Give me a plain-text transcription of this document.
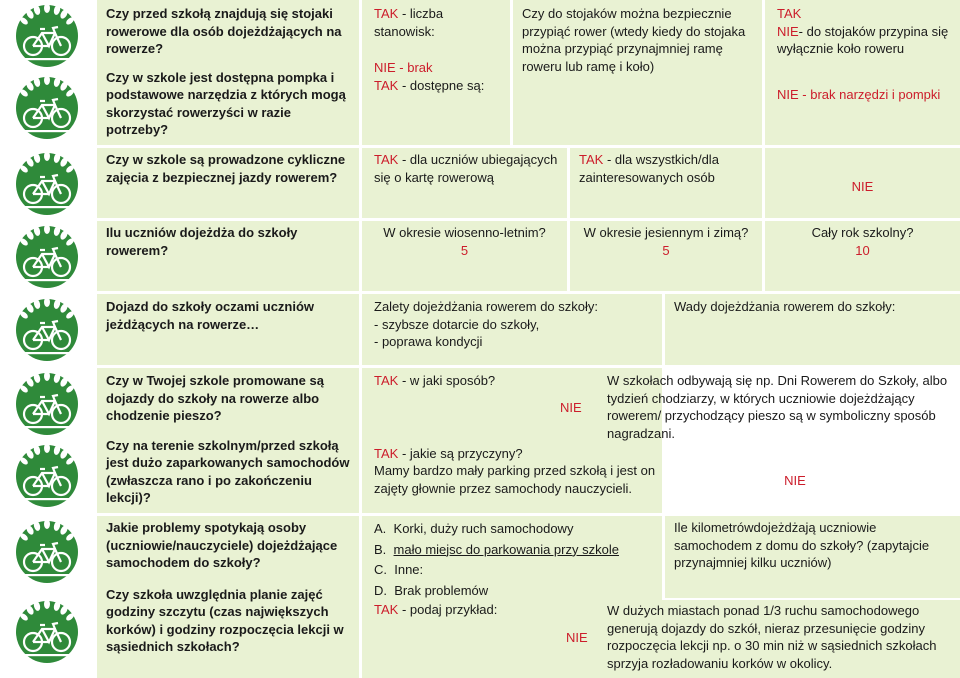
Czy przed szkołą znajdują się stojaki rowerowe dla osób dojeżdżających na rowerze?
Czy w szkole jest dostępna pompka i podstawowe narzędzia z których mogą skorzystać rowerzyści w razie potrzeby?
TAK - liczba stanowisk:
NIE - brak
TAK - dostępne są:
Czy do stojaków można bezpiecznie przypiąć rower (wtedy kiedy do stojaka można przypiąć przynajmniej ramę roweru lub ramę i koło)
TAK
NIE- do stojaków przypina się wyłącznie koło roweru
NIE - brak narzędzi i pompki
Czy w szkole są prowadzone cykliczne zajęcia z bezpiecznej jazdy rowerem?
TAK - dla uczniów ubiegających się o kartę rowerową
TAK - dla wszystkich/dla zainteresowanych osób
NIE
Ilu uczniów dojeżdża do szkoły rowerem?
W okresie wiosenno-letnim?
5
W okresie jesiennym i zimą?
5
Cały rok szkolny?
10
Dojazd do szkoły oczami uczniów jeżdżących na rowerze…
Zalety dojeżdżania rowerem do szkoły:
- szybsze dotarcie do szkoły,
- poprawa kondycji
Wady dojeżdżania rowerem do szkoły:
Czy w Twojej szkole promowane są dojazdy do szkoły na rowerze albo chodzenie pieszo?
Czy na terenie szkolnym/przed szkołą jest dużo zaparkowanych samochodów (zwłaszcza rano i po zakończeniu lekcji)?
TAK - w jaki sposób?
NIE
TAK - jakie są przyczyny?
Mamy bardzo mały parking przed szkołą i jest on zajęty głownie przez samochody nauczycieli.
W szkołach odbywają się np. Dni Rowerem do Szkoły, albo tydzień chodziarzy, w których uczniowie dojeżdżający rowerem/ przychodzący pieszo są w symboliczny sposób nagradzani.
NIE
Jakie problemy spotykają osoby (uczniowie/nauczyciele) dojeżdżające samochodem do szkoły?
Czy szkoła uwzględnia planie zajęć godziny szczytu (czas największych korków) i godziny rozpoczęcia lekcji w sąsiednich szkołach?
A. Korki, duży ruch samochodowy
B. mało miejsc do parkowania przy szkole
C. Inne:
D. Brak problemów
TAK - podaj przykład:
NIE
Ile kilometrówdojeżdżają uczniowie samochodem z domu do szkoły? (zapytajcie przynajmniej kilku uczniów)
W dużych miastach ponad 1/3 ruchu samochodowego generują dojazdy do szkół, nieraz przesunięcie godziny rozpoczęcia lekcji np. o 30 min niż w sąsiednich szkołach sprzyja rozładowaniu korków w okolicy.
